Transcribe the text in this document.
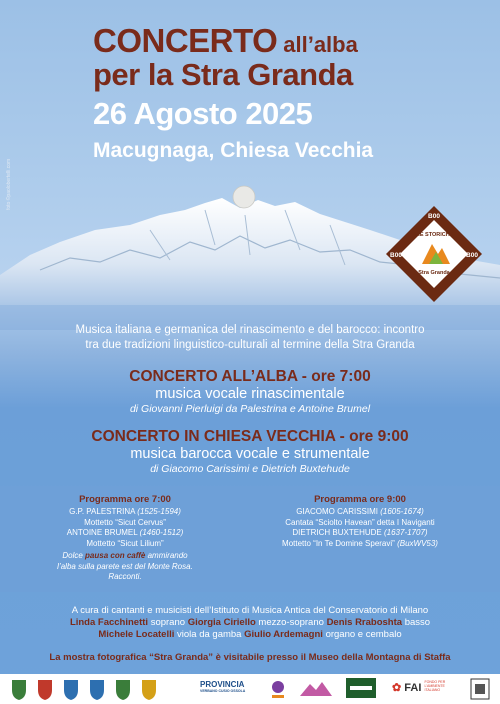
CONCERTO all’alba
per la Stra Granda
26 Agosto 2025
Macugnaga, Chiesa Vecchia
foto ©paolobertelli.com
B00
B00	B00
VIE STORICHE
Stra Granda
Musica italiana e germanica del rinascimento e del barocco: incontro
tra due tradizioni linguistico-culturali al termine della Stra Granda
CONCERTO ALL’ALBA - ore 7:00
musica vocale rinascimentale
di Giovanni Pierluigi da Palestrina e Antoine Brumel
CONCERTO IN CHIESA VECCHIA - ore 9:00
musica barocca vocale e strumentale
di Giacomo Carissimi e Dietrich Buxtehude
Programma ore 7:00
G.P. PALESTRINA (1525-1594)
Mottetto “Sicut Cervus”
ANTOINE BRUMEL (1460-1512)
Mottetto “Sicut Lilium”
Dolce pausa con caffè ammirando
l’alba sulla parete est del Monte Rosa.
Racconti.
Programma ore 9:00
GIACOMO CARISSIMI (1605-1674)
Cantata “Sciolto Havean” detta I Naviganti
DIETRICH BUXTEHUDE (1637-1707)
Mottetto “In Te Domine Speravi” (BuxWV53)
A cura di cantanti e musicisti dell’Istituto di Musica Antica del Conservatorio di Milano
Linda Facchinetti soprano Giorgia Ciriello mezzo-soprano Denis Rraboshta basso
Michele Locatelli viola da gamba Giulio Ardemagni organo e cembalo
La mostra fotografica “Stra Granda” è visitabile presso il Museo della Montagna di Staffa
PROVINCIA
VERBANO CUSIO OSSOLA	✿ FAI FONDO PER L’AMBIENTE ITALIANO
